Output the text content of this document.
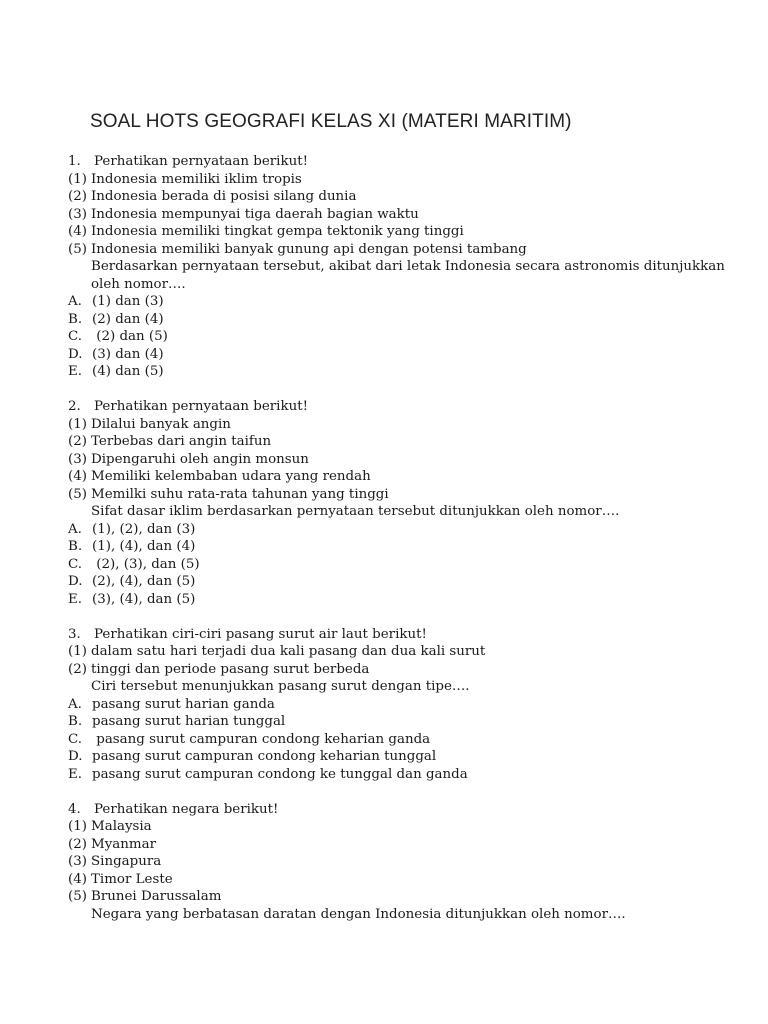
SOAL HOTS GEOGRAFI KELAS XI (MATERI MARITIM)
1. Perhatikan pernyataan berikut!
(1) Indonesia memiliki iklim tropis
(2) Indonesia berada di posisi silang dunia
(3) Indonesia mempunyai tiga daerah bagian waktu
(4) Indonesia memiliki tingkat gempa tektonik yang tinggi
(5) Indonesia memiliki banyak gunung api dengan potensi tambang
Berdasarkan pernyataan tersebut, akibat dari letak Indonesia secara astronomis ditunjukkan
oleh nomor….
A. (1) dan (3)
B. (2) dan (4)
C. (2) dan (5)
D. (3) dan (4)
E. (4) dan (5)
2. Perhatikan pernyataan berikut!
(1) Dilalui banyak angin
(2) Terbebas dari angin taifun
(3) Dipengaruhi oleh angin monsun
(4) Memiliki kelembaban udara yang rendah
(5) Memilki suhu rata-rata tahunan yang tinggi
Sifat dasar iklim berdasarkan pernyataan tersebut ditunjukkan oleh nomor….
A. (1), (2), dan (3)
B. (1), (4), dan (4)
C. (2), (3), dan (5)
D. (2), (4), dan (5)
E. (3), (4), dan (5)
3. Perhatikan ciri-ciri pasang surut air laut berikut!
(1) dalam satu hari terjadi dua kali pasang dan dua kali surut
(2) tinggi dan periode pasang surut berbeda
Ciri tersebut menunjukkan pasang surut dengan tipe….
A. pasang surut harian ganda
B. pasang surut harian tunggal
C. pasang surut campuran condong keharian ganda
D. pasang surut campuran condong keharian tunggal
E. pasang surut campuran condong ke tunggal dan ganda
4. Perhatikan negara berikut!
(1) Malaysia
(2) Myanmar
(3) Singapura
(4) Timor Leste
(5) Brunei Darussalam
Negara yang berbatasan daratan dengan Indonesia ditunjukkan oleh nomor….
